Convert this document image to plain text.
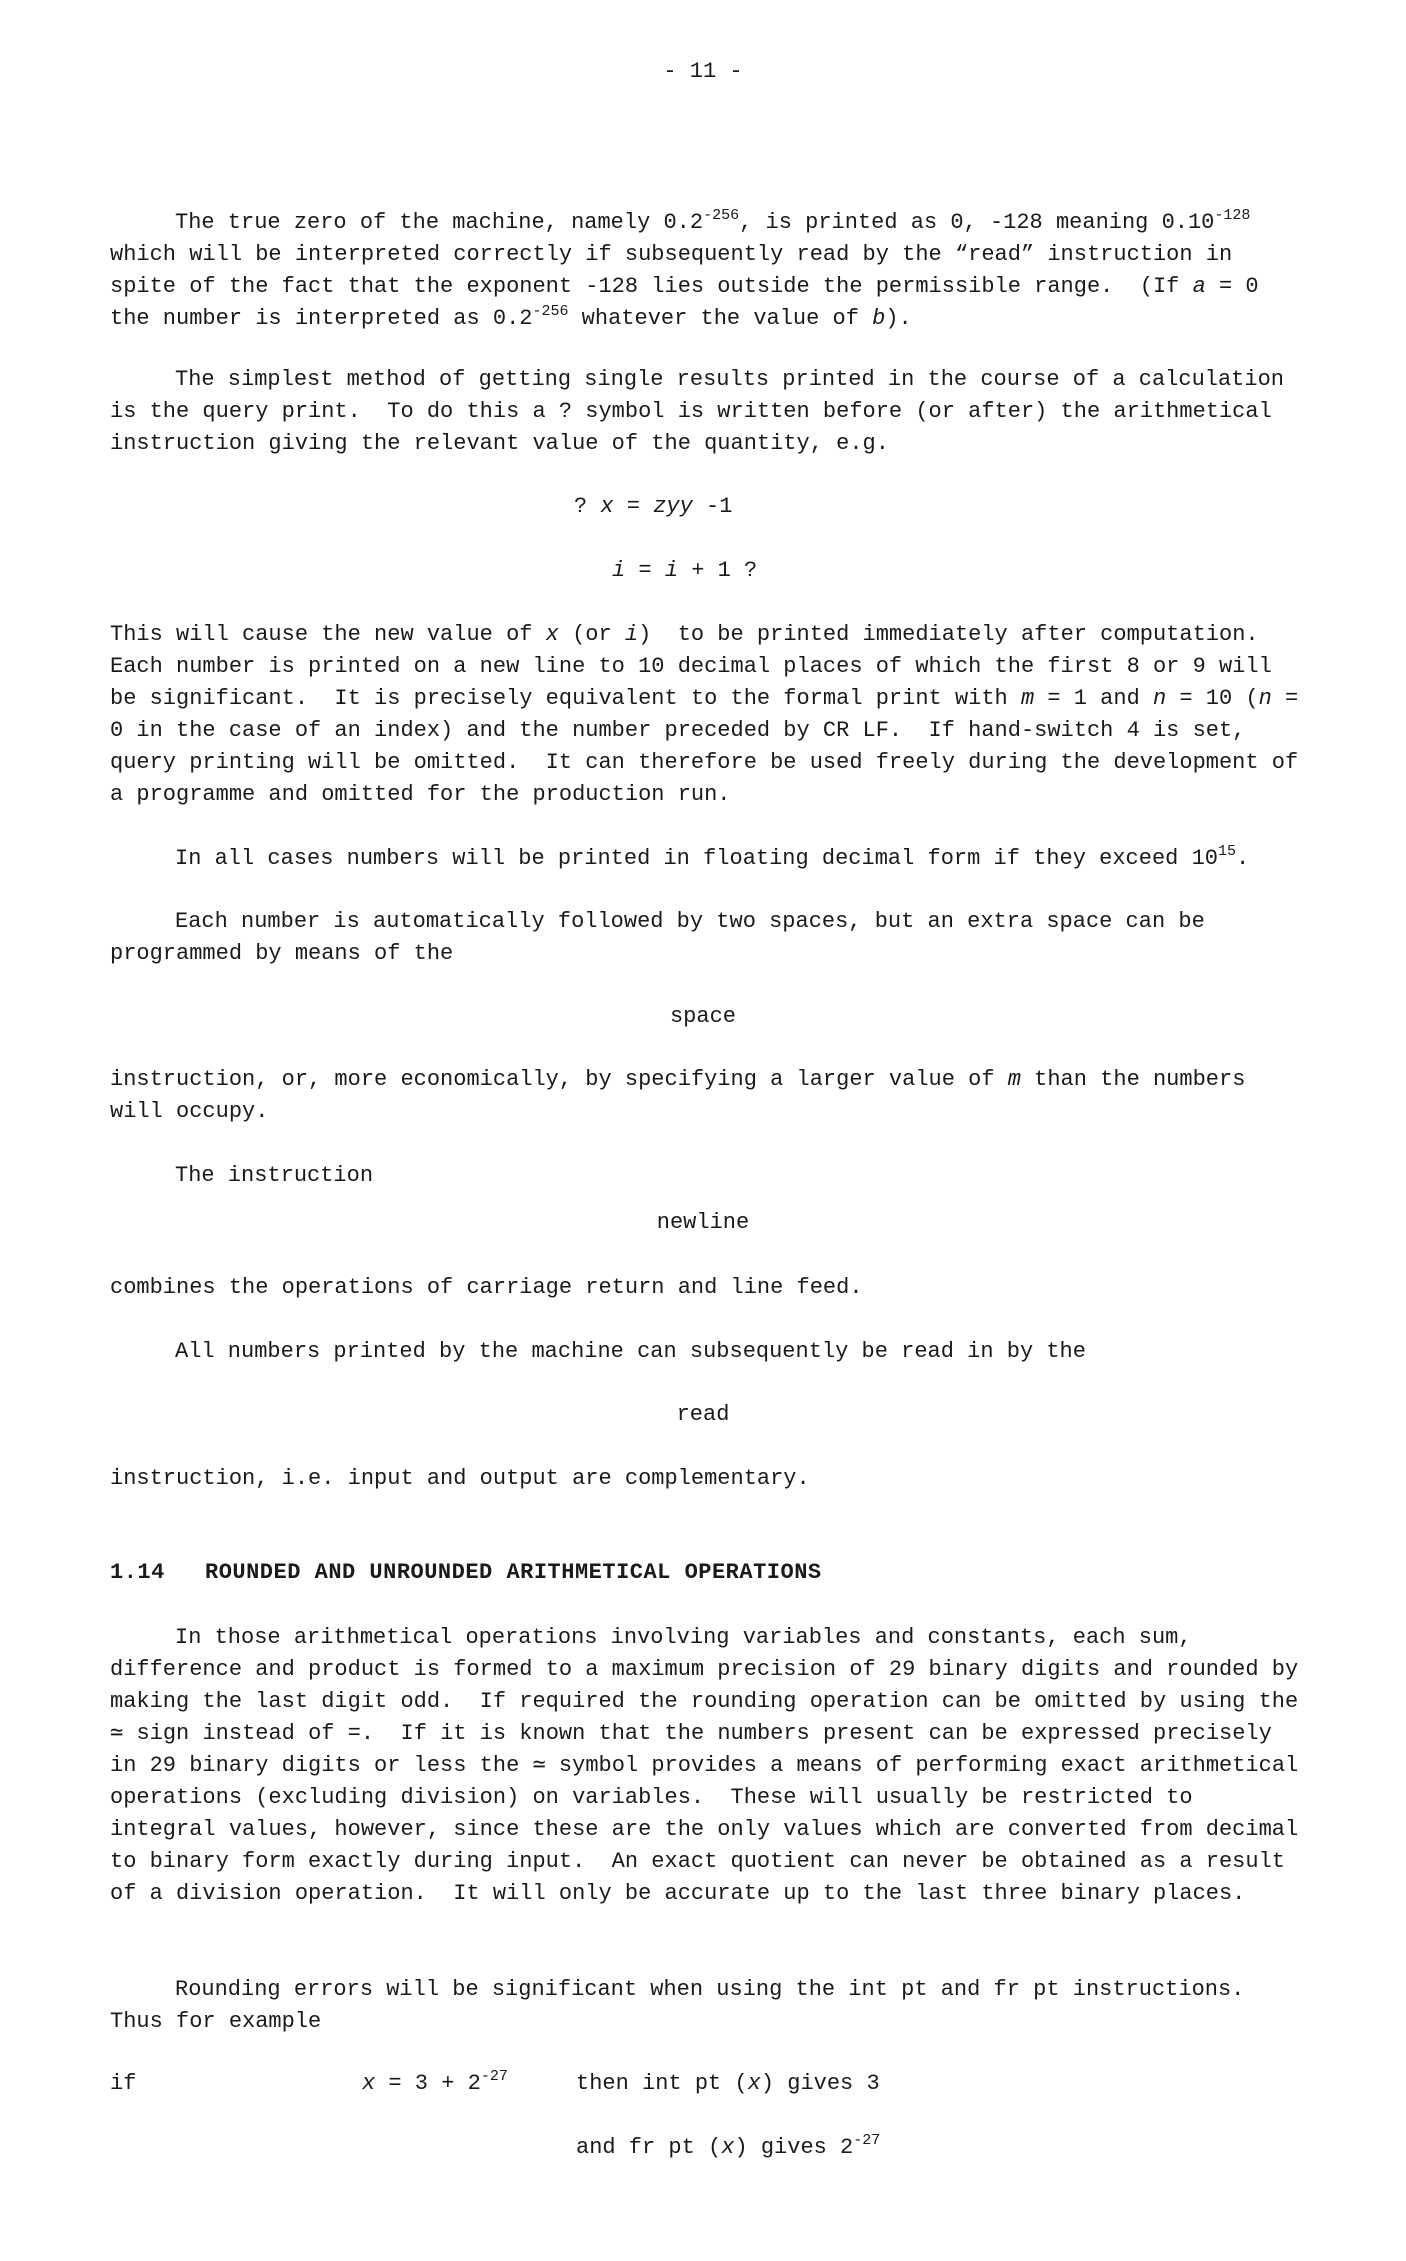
- 11 -

The true zero of the machine, namely $0.2^{-256}$, is printed as 0, -128 meaning $0.10^{-128}$ which will be interpreted correctly if subsequently read by the “read” instruction in spite of the fact that the exponent -128 lies outside the permissible range.  (If a = 0 the number is interpreted as $0.2^{-256}$ whatever the value of b).

The simplest method of getting single results printed in the course of a calculation is the query print.  To do this a ? symbol is written before (or after) the arithmetical instruction giving the relevant value of the quantity, e.g.

? x = zyy -1
i = i + 1 ?

This will cause the new value of x (or i)  to be printed immediately after computation. Each number is printed on a new line to 10 decimal places of which the first 8 or 9 will be significant.  It is precisely equivalent to the formal print with m = 1 and n = 10 (n = 0 in the case of an index) and the number preceded by CR LF.  If hand-switch 4 is set, query printing will be omitted.  It can therefore be used freely during the development of a programme and omitted for the production run.

In all cases numbers will be printed in floating decimal form if they exceed $10^{15}$.

Each number is automatically followed by two spaces, but an extra space can be programmed by means of the

space

instruction, or, more economically, by specifying a larger value of m than the numbers will occupy.

The instruction

newline

combines the operations of carriage return and line feed.

All numbers printed by the machine can subsequently be read in by the

read

instruction, i.e. input and output are complementary.

1.14 ROUNDED AND UNROUNDED ARITHMETICAL OPERATIONS

In those arithmetical operations involving variables and constants, each sum, difference and product is formed to a maximum precision of 29 binary digits and rounded by making the last digit odd.  If required the rounding operation can be omitted by using the ≃ sign instead of =.  If it is known that the numbers present can be expressed precisely in 29 binary digits or less the ≃ symbol provides a means of performing exact arithmetical operations (excluding division) on variables.  These will usually be restricted to integral values, however, since these are the only values which are converted from decimal to binary form exactly during input.  An exact quotient can never be obtained as a result of a division operation.  It will only be accurate up to the last three binary places.

Rounding errors will be significant when using the int pt and fr pt instructions. Thus for example

if	$x = 3 + 2^{-27}$	then int pt (x) gives 3
and fr pt (x) gives $2^{-27}$
